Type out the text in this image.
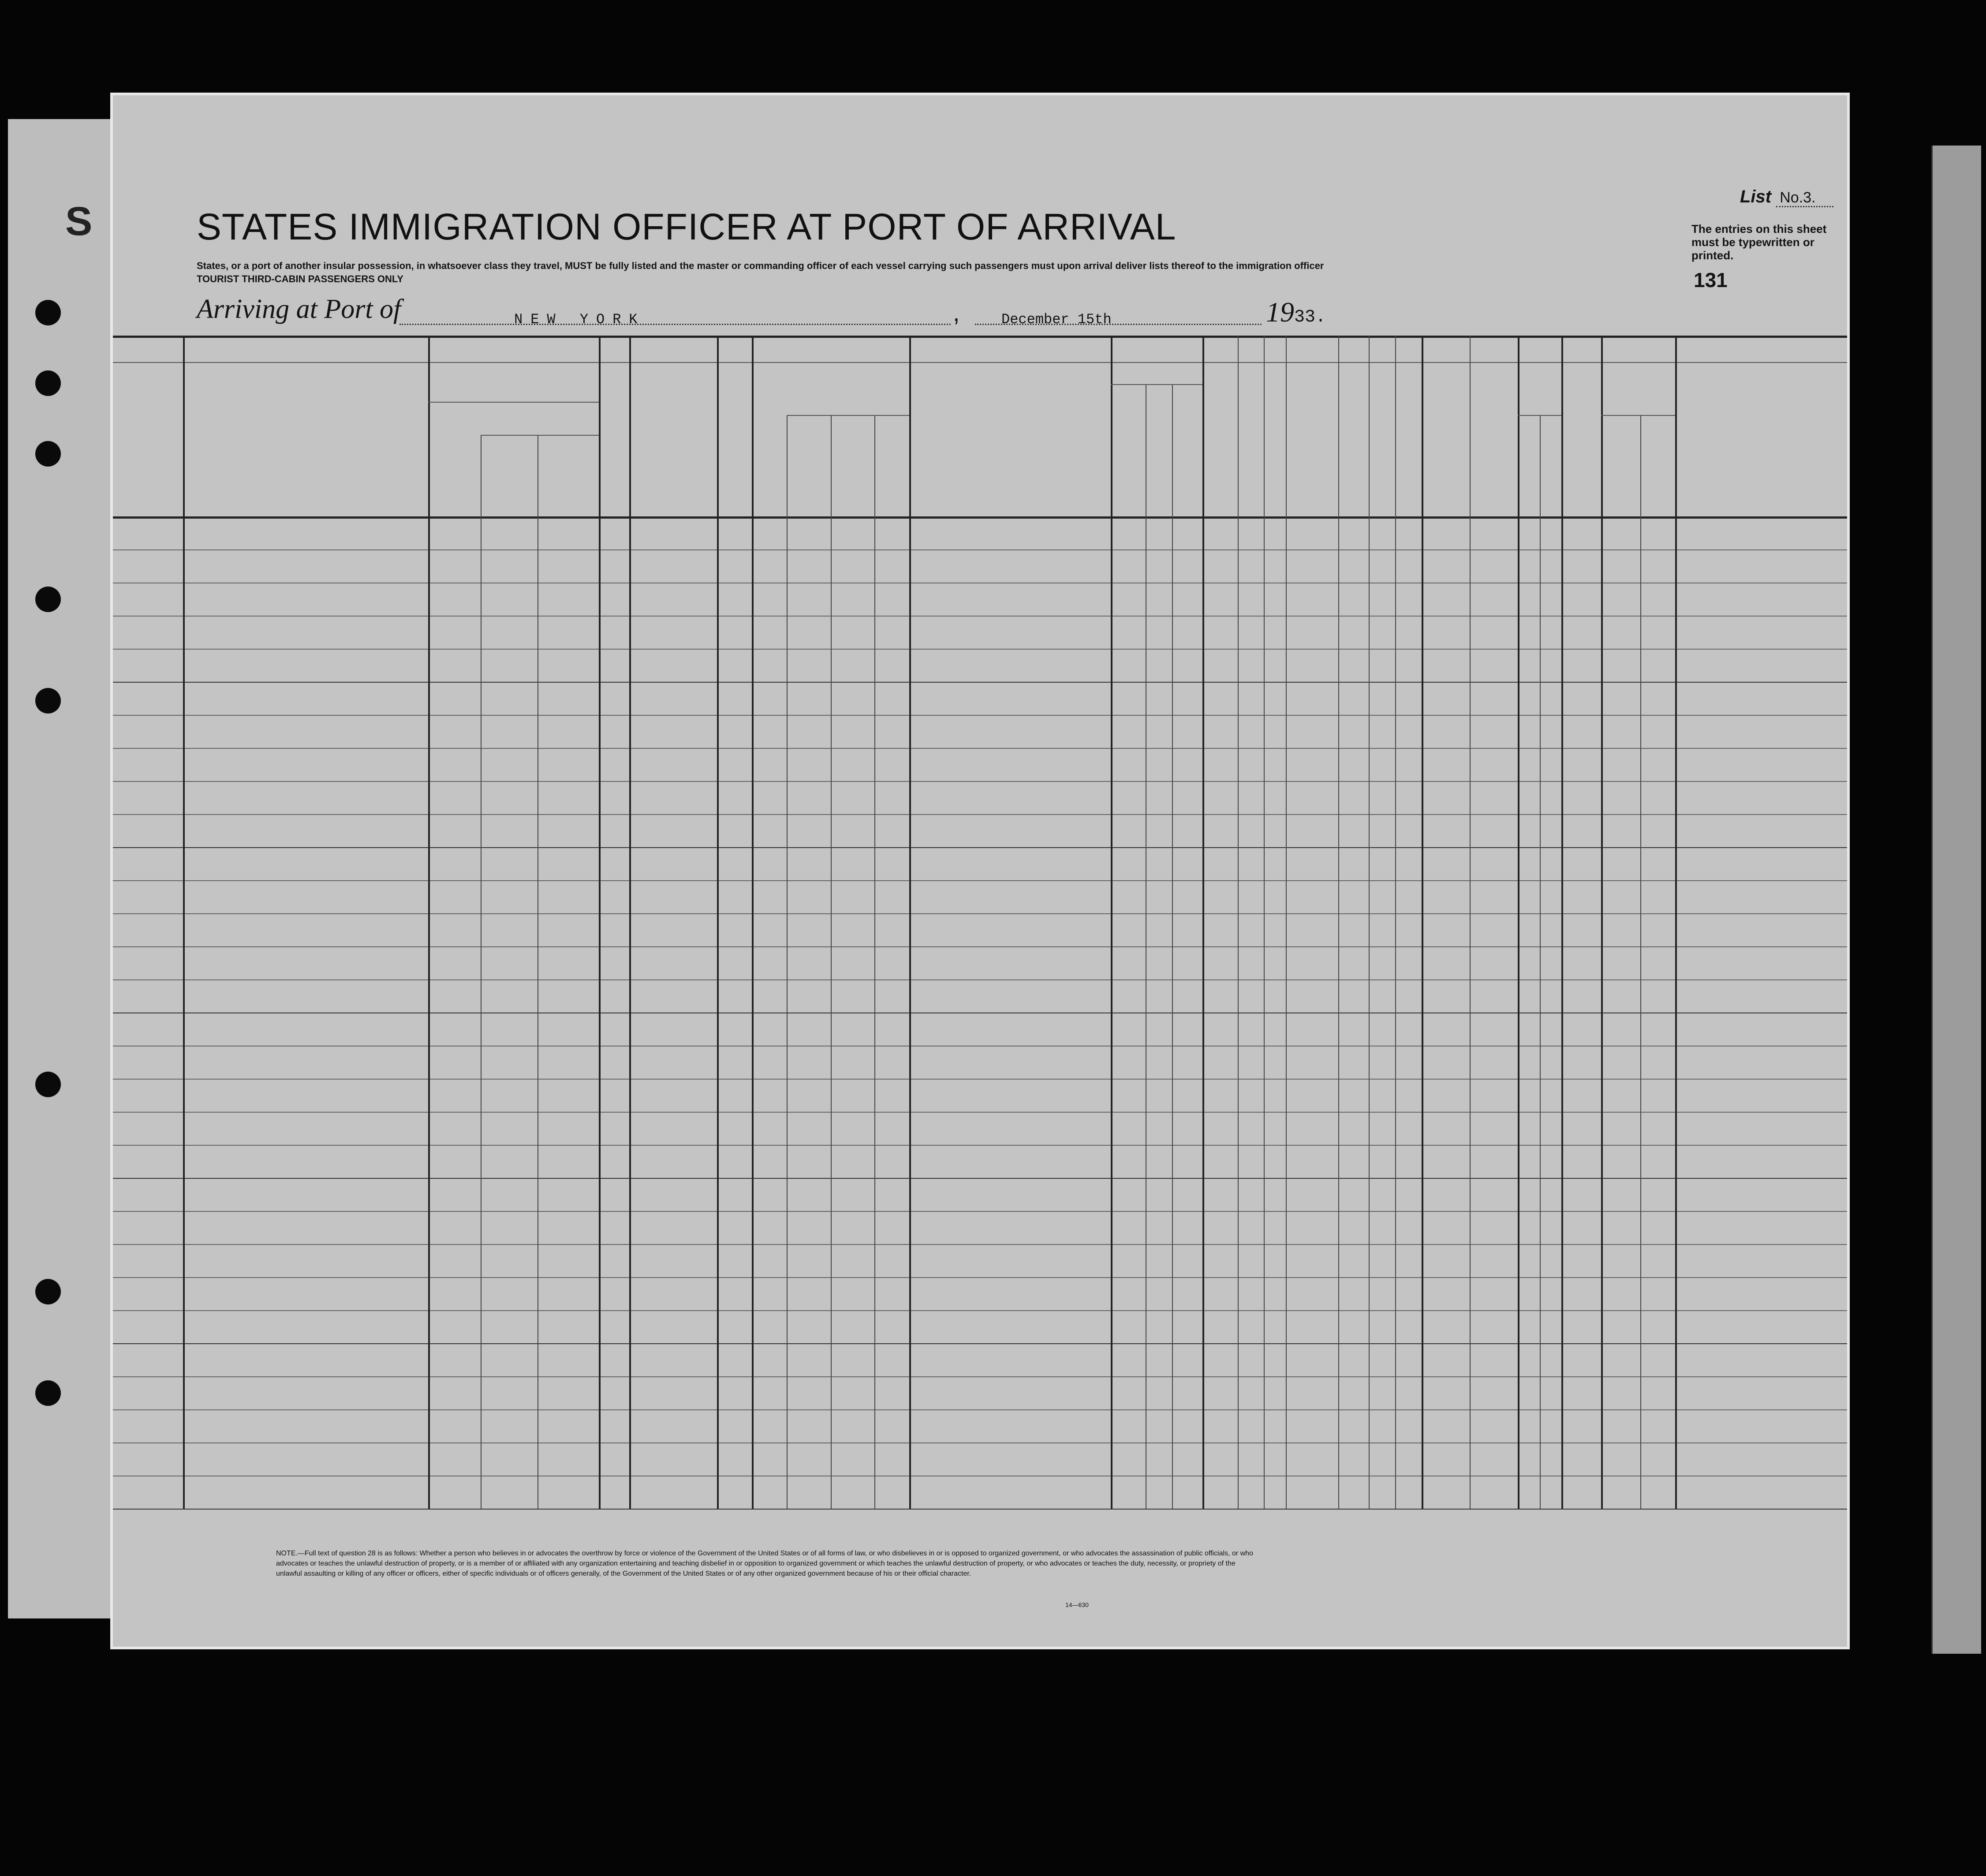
S
List No.3.
The entries on this sheet must be typewritten or printed.
131
STATES IMMIGRATION OFFICER AT PORT OF ARRIVAL
States, or a port of another insular possession, in whatsoever class they travel, MUST be fully listed and the master or commanding officer of each vessel carrying such passengers must upon arrival deliver lists thereof to the immigration officer
TOURIST THIRD-CABIN PASSENGERS ONLY
Arriving at Port of	NEW YORK	,	December 15th	1933.
NOTE.—Full text of question 28 is as follows: Whether a person who believes in or advocates the overthrow by force or violence of the Government of the United States or of all forms of law, or who disbelieves in or is opposed to organized government, or who advocates the assassination of public officials, or who advocates or teaches the unlawful destruction of property, or is a member of or affiliated with any organization entertaining and teaching disbelief in or opposition to organized government or which teaches the unlawful destruction of property, or who advocates or teaches the duty, necessity, or propriety of the unlawful assaulting or killing of any officer or officers, either of specific individuals or of officers generally, of the Government of the United States or of any other organized government because of his or their official character.
14—630
